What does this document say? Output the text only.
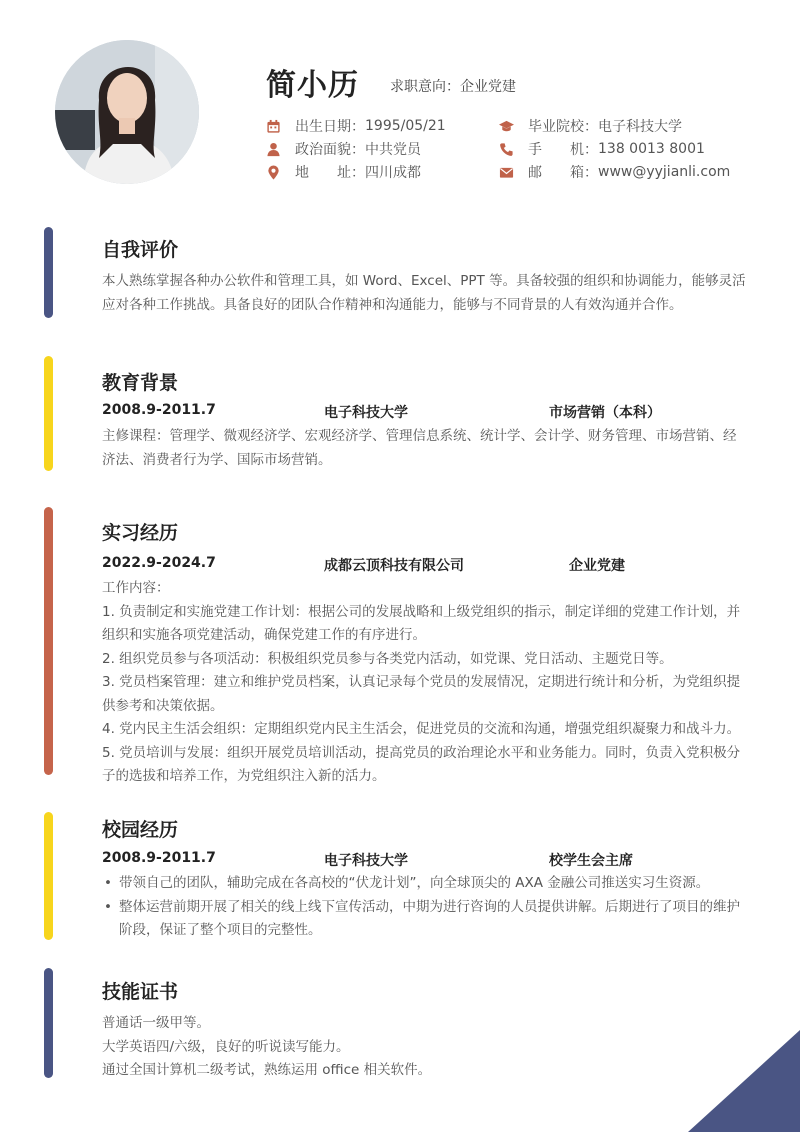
简小历 求职意向：企业党建
出生日期 ： 1995/05/21
政治面貌 ： 中共党员
地　　址 ： 四川成都
毕业院校 ： 电子科技大学
手　　机 ： 138 0013 8001
邮　　箱 ： www@yyjianli.com
自我评价
本人熟练掌握各种办公软件和管理工具，如 Word、Excel、PPT 等。具备较强的组织和协调能力，能够灵活
应对各种工作挑战。具备良好的团队合作精神和沟通能力，能够与不同背景的人有效沟通并合作。
教育背景
2008.9-2011.7	电子科技大学	市场营销（本科）
主修课程：管理学、微观经济学、宏观经济学、管理信息系统、统计学、会计学、财务管理、市场营销、经
济法、消费者行为学、国际市场营销。
实习经历
2022.9-2024.7	成都云顶科技有限公司	企业党建
工作内容：
1. 负责制定和实施党建工作计划：根据公司的发展战略和上级党组织的指示，制定详细的党建工作计划，并
组织和实施各项党建活动，确保党建工作的有序进行。
2. 组织党员参与各项活动：积极组织党员参与各类党内活动，如党课、党日活动、主题党日等。
3. 党员档案管理：建立和维护党员档案，认真记录每个党员的发展情况，定期进行统计和分析，为党组织提
供参考和决策依据。
4. 党内民主生活会组织：定期组织党内民主生活会，促进党员的交流和沟通，增强党组织凝聚力和战斗力。
5. 党员培训与发展：组织开展党员培训活动，提高党员的政治理论水平和业务能力。同时，负责入党积极分
子的选拔和培养工作，为党组织注入新的活力。
校园经历
2008.9-2011.7	电子科技大学	校学生会主席
• 带领自己的团队，辅助完成在各高校的“伏龙计划”，向全球顶尖的 AXA 金融公司推送实习生资源。
• 整体运营前期开展了相关的线上线下宣传活动，中期为进行咨询的人员提供讲解。后期进行了项目的维护
阶段，保证了整个项目的完整性。
技能证书
普通话一级甲等。
大学英语四/六级，良好的听说读写能力。
通过全国计算机二级考试，熟练运用 office 相关软件。
